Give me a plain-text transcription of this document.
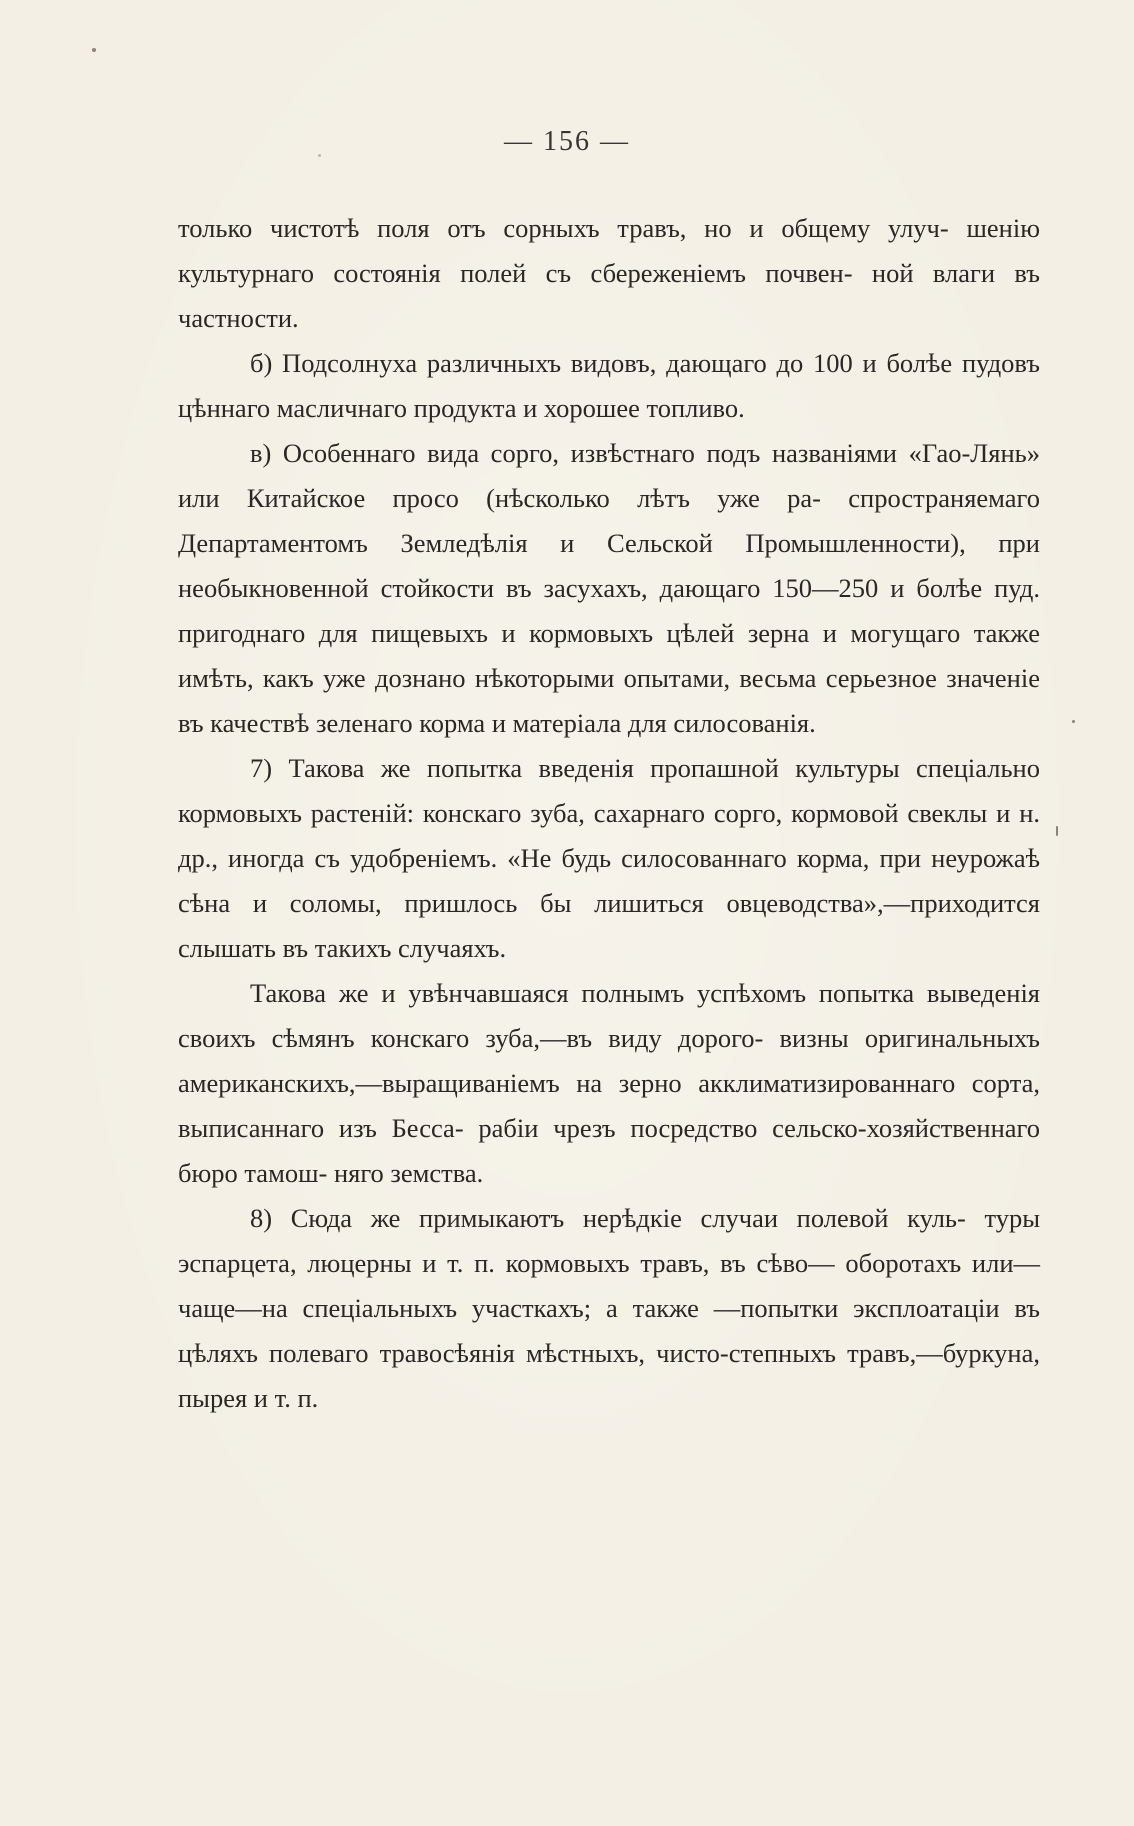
— 156 —

только чистотѣ поля отъ сорныхъ травъ, но и общему улуч- шенію культурнаго состоянія полей съ сбереженіемъ почвен- ной влаги въ частности.

б) Подсолнуха различныхъ видовъ, дающаго до 100 и болѣе пудовъ цѣннаго масличнаго продукта и хорошее топливо.

в) Особеннаго вида сорго, извѣстнаго подъ названіями «Гао-Лянь» или Китайское просо (нѣсколько лѣтъ уже ра- спространяемаго Департаментомъ Земледѣлія и Сельской Промышленности), при необыкновенной стойкости въ засухахъ, дающаго 150—250 и болѣе пуд. пригоднаго для пищевыхъ и кормовыхъ цѣлей зерна и могущаго также имѣть, какъ уже дознано нѣкоторыми опытами, весьма серьезное значеніе въ качествѣ зеленаго корма и матеріала для силосованія.

7) Такова же попытка введенія пропашной культуры спеціально кормовыхъ растеній: конскаго зуба, сахарнаго сорго, кормовой свеклы и н. др., иногда съ удобреніемъ. «Не будь силосованнаго корма, при неурожаѣ сѣна и соломы, пришлось бы лишиться овцеводства»,—приходится слышать въ такихъ случаяхъ.

Такова же и увѣнчавшаяся полнымъ успѣхомъ попытка выведенія своихъ сѣмянъ конскаго зуба,—въ виду дорого- визны оригинальныхъ американскихъ,—выращиваніемъ на зерно акклиматизированнаго сорта, выписаннаго изъ Бесса- рабіи чрезъ посредство сельско-хозяйственнаго бюро тамош- няго земства.

8) Сюда же примыкаютъ нерѣдкіе случаи полевой куль- туры эспарцета, люцерны и т. п. кормовыхъ травъ, въ сѣво— оборотахъ или—чаще—на спеціальныхъ участкахъ; а также —попытки эксплоатаціи въ цѣляхъ полеваго травосѣянія мѣстныхъ, чисто-степныхъ травъ,—буркуна, пырея и т. п.
